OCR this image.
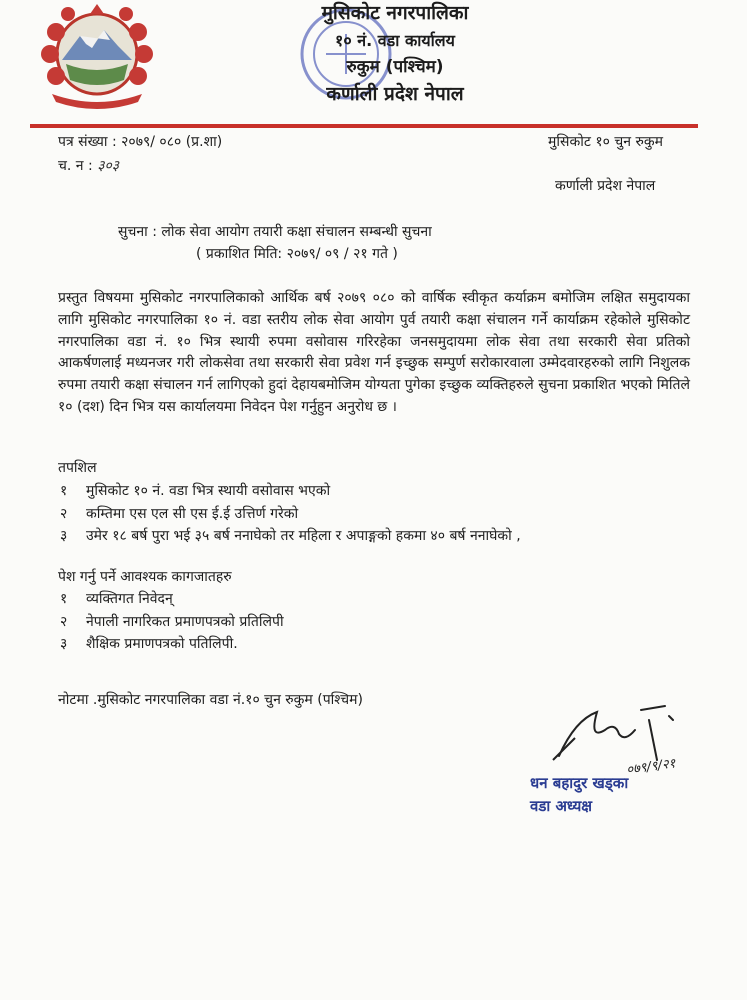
मुसिकोट नगरपालिका
१० नं. वडा कार्यालय
रुकुम (पश्चिम)
कर्णाली प्रदेश नेपाल
पत्र संख्या : २०७९/ ०८० (प्र.शा)
च. न : ३०३
मुसिकोट १० चुन रुकुम
कर्णाली प्रदेश नेपाल
सुचना : लोक सेवा आयोग तयारी कक्षा संचालन सम्बन्धी सुचना
( प्रकाशित मिति: २०७९/ ०९ / २१ गते )
प्रस्तुत विषयमा मुसिकोट नगरपालिकाको आर्थिक बर्ष २०७९ ०८० को वार्षिक स्वीकृत कर्याक्रम बमोजिम लक्षित समुदायका लागि मुसिकोट नगरपालिका १० नं. वडा स्तरीय लोक सेवा आयोग पुर्व तयारी कक्षा संचालन गर्ने कार्याक्रम रहेकोले मुसिकोट नगरपालिका वडा नं. १० भित्र स्थायी रुपमा वसोवास गरिरहेका जनसमुदायमा लोक सेवा तथा सरकारी सेवा प्रतिको आकर्षणलाई मध्यनजर गरी लोकसेवा तथा सरकारी सेवा प्रवेश गर्न इच्छुक सम्पुर्ण सरोकारवाला उम्मेदवारहरुको लागि निशुलक रुपमा तयारी कक्षा संचालन गर्न लागिएको हुदां देहायबमोजिम योग्यता पुगेका इच्छुक व्यक्तिहरुले सुचना प्रकाशित भएको मितिले १० (दश) दिन भित्र यस कार्यालयमा निवेदन पेश गर्नुहुन अनुरोध छ ।
तपशिल
१ मुसिकोट १० नं. वडा भित्र स्थायी वसोवास भएको
२ कम्तिमा एस एल सी एस ई.ई उत्तिर्ण गरेको
३ उमेर १८ बर्ष पुरा भई ३५ बर्ष ननाघेको तर महिला र अपाङ्गको हकमा ४० बर्ष ननाघेको ,
पेश गर्नु पर्ने आवश्यक कागजातहरु
१ व्यक्तिगत निवेदन्
२ नेपाली नागरिकत प्रमाणपत्रको प्रतिलिपी
३ शैक्षिक प्रमाणपत्रको पतिलिपी.
नोटमा .मुसिकोट नगरपालिका वडा नं.१० चुन रुकुम (पश्चिम)
०७९/९/२१
धन बहादुर खड्का
वडा अध्यक्ष
